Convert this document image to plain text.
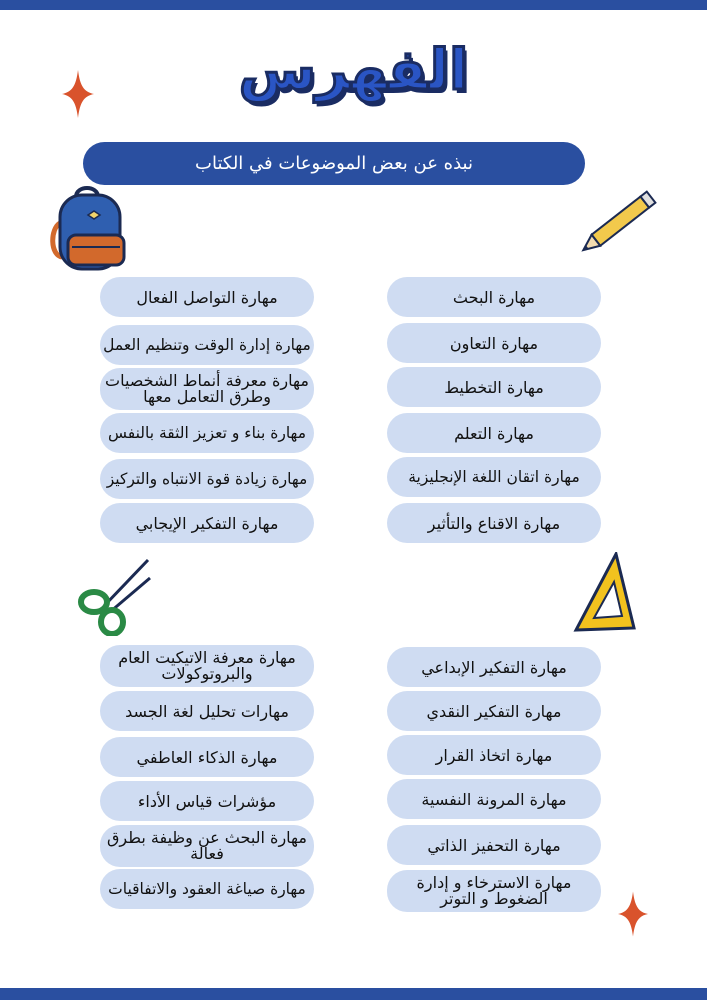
الفهرس
نبذه عن بعض الموضوعات في الكتاب
مهارة البحث
مهارة التعاون
مهارة التخطيط
مهارة التعلم
مهارة اتقان اللغة الإنجليزية
مهارة الاقناع والتأثير
مهارة التواصل الفعال
مهارة إدارة الوقت وتنظيم العمل
مهارة معرفة أنماط الشخصيات وطرق التعامل معها
مهارة بناء و تعزيز الثقة بالنفس
مهارة زيادة قوة الانتباه والتركيز
مهارة التفكير الإيجابي
مهارة التفكير الإبداعي
مهارة التفكير النقدي
مهارة اتخاذ القرار
مهارة المرونة النفسية
مهارة التحفيز الذاتي
مهارة الاسترخاء و إدارة الضغوط و التوتر
مهارة معرفة الاتيكيت العام والبروتوكولات
مهارات تحليل لغة الجسد
مهارة الذكاء العاطفي
مؤشرات قياس الأداء
مهارة البحث عن وظيفة بطرق فعالة
مهارة صياغة العقود والاتفاقيات
